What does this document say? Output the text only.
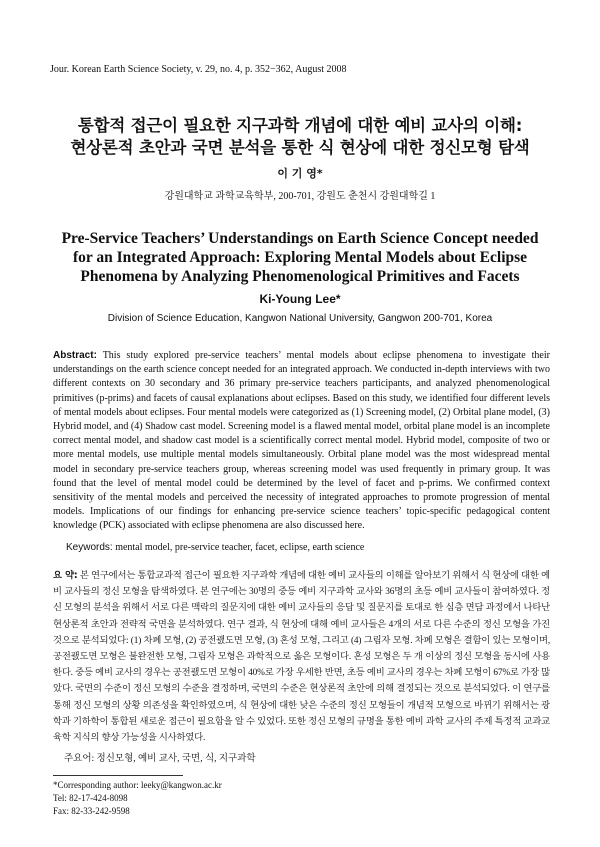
Jour. Korean Earth Science Society, v. 29, no. 4, p. 352−362, August 2008
통합적 접근이 필요한 지구과학 개념에 대한 예비 교사의 이해:
현상론적 초안과 국면 분석을 통한 식 현상에 대한 정신모형 탐색
이 기 영*
강원대학교 과학교육학부, 200-701, 강원도 춘천시 강원대학길 1
Pre-Service Teachers’ Understandings on Earth Science Concept needed
for an Integrated Approach: Exploring Mental Models about Eclipse
Phenomena by Analyzing Phenomenological Primitives and Facets
Ki-Young Lee*
Division of Science Education, Kangwon National University, Gangwon 200-701, Korea

Abstract: This study explored pre-service teachers’ mental models about eclipse phenomena to investigate their understandings on the earth science concept needed for an integrated approach. We conducted in-depth interviews with two different contexts on 30 secondary and 36 primary pre-service teachers participants, and analyzed phenomenological primitives (p-prims) and facets of causal explanations about eclipses. Based on this study, we identified four different levels of mental models about eclipses. Four mental models were categorized as (1) Screening model, (2) Orbital plane model, (3) Hybrid model, and (4) Shadow cast model. Screening model is a flawed mental model, orbital plane model is an incomplete correct mental model, and shadow cast model is a scientifically correct mental model. Hybrid model, composite of two or more mental models, use multiple mental models simultaneously. Orbital plane model was the most widespread mental model in secondary pre-service teachers group, whereas screening model was used frequently in primary group. It was found that the level of mental model could be determined by the level of facet and p-prims. We confirmed context sensitivity of the mental models and perceived the necessity of integrated approaches to promote progression of mental models. Implications of our findings for enhancing pre-service science teachers’ topic-specific pedagogical content knowledge (PCK) associated with eclipse phenomena are also discussed here.

Keywords: mental model, pre-service teacher, facet, eclipse, earth science

요 약: 본 연구에서는 통합교과적 접근이 필요한 지구과학 개념에 대한 예비 교사들의 이해를 알아보기 위해서 식 현상에 대한 예비 교사들의 정신 모형을 탐색하였다. 본 연구에는 30명의 중등 예비 지구과학 교사와 36명의 초등 예비 교사들이 참여하였다. 정신 모형의 분석을 위해서 서로 다른 맥락의 질문지에 대한 예비 교사들의 응답 및 질문지를 토대로 한 심층 면담 과정에서 나타난 현상론적 초안과 전략적 국면을 분석하였다. 연구 결과, 식 현상에 대해 예비 교사들은 4개의 서로 다른 수준의 정신 모형을 가진 것으로 분석되었다: (1) 차폐 모형, (2) 공전괤도면 모형, (3) 혼성 모형, 그리고 (4) 그림자 모형. 차폐 모형은 결함이 있는 모형이며, 공전괤도면 모형은 불완전한 모형, 그림자 모형은 과학적으로 옳은 모형이다. 혼성 모형은 두 개 이상의 정신 모형을 동시에 사용한다. 중등 예비 교사의 경우는 공전괤도면 모형이 40%로 가장 우세한 반면, 초등 예비 교사의 경우는 차폐 모형이 67%로 가장 많았다. 국면의 수준이 정신 모형의 수준을 결정하며, 국면의 수준은 현상론적 초안에 의해 결정되는 것으로 분석되었다. 이 연구를 통해 정신 모형의 상황 의존성을 확인하였으며, 식 현상에 대한 낮은 수준의 정신 모형들이 개념적 모형으로 바뀌기 위해서는 광학과 기하학이 통합된 새로운 접근이 필요함을 알 수 있었다. 또한 정신 모형의 규명을 통한 예비 과학 교사의 주제 특정적 교과교육학 지식의 향상 가능성을 시사하였다.

주요어: 정신모형, 예비 교사, 국면, 식, 지구과학
*Corresponding author: leeky@kangwon.ac.kr
Tel: 82-17-424-8098
Fax: 82-33-242-9598
